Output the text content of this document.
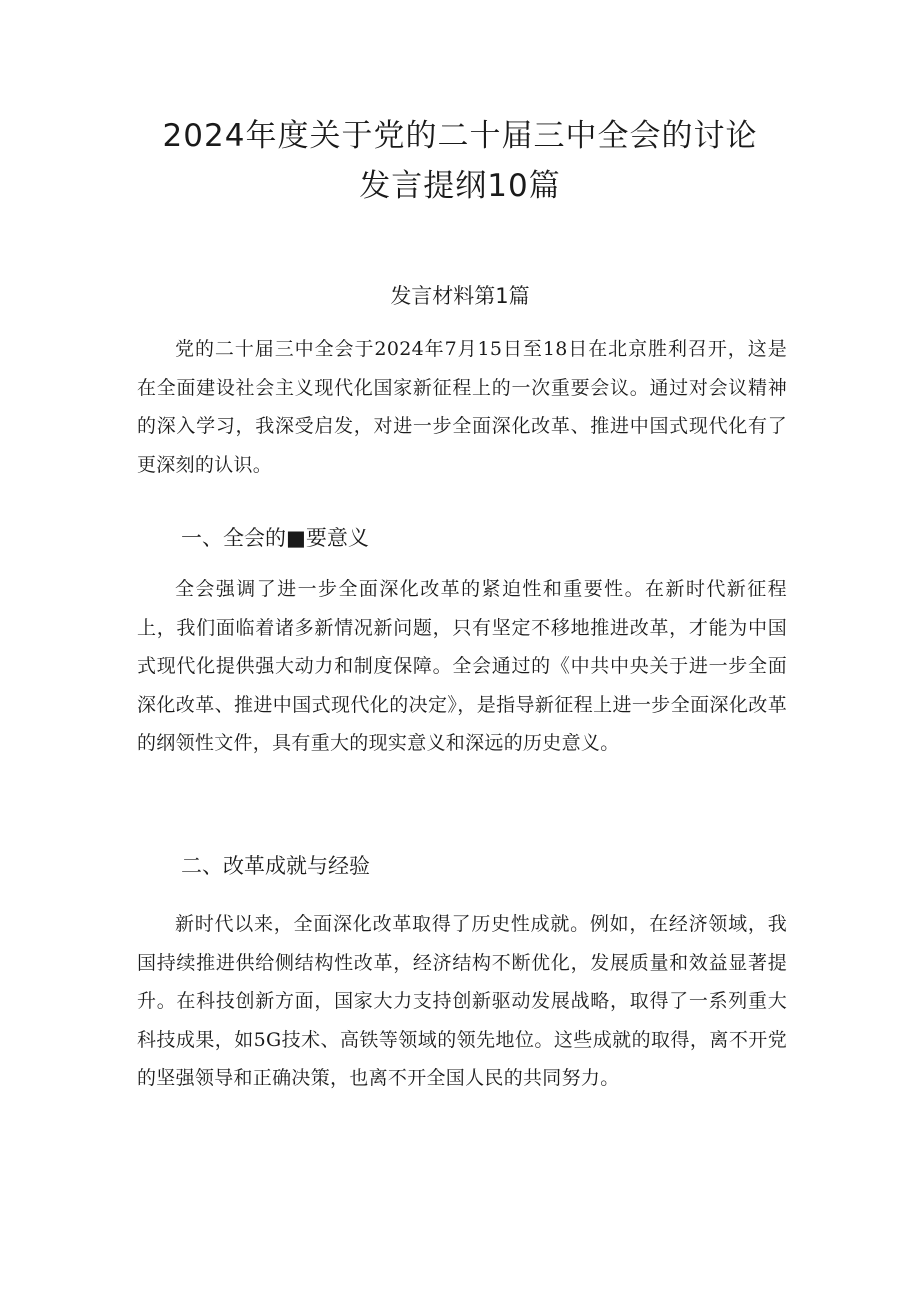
2024年度关于党的二十届三中全会的讨论
发言提纲10篇
发言材料第1篇

党的二十届三中全会于2024年7月15日至18日在北京胜利召开，这是在全面建设社会主义现代化国家新征程上的一次重要会议。通过对会议精神的深入学习，我深受启发，对进一步全面深化改革、推进中国式现代化有了更深刻的认识。

一、全会的■要意义

全会强调了进一步全面深化改革的紧迫性和重要性。在新时代新征程上，我们面临着诸多新情况新问题，只有坚定不移地推进改革，才能为中国式现代化提供强大动力和制度保障。全会通过的《中共中央关于进一步全面深化改革、推进中国式现代化的决定》，是指导新征程上进一步全面深化改革的纲领性文件，具有重大的现实意义和深远的历史意义。

二、改革成就与经验

新时代以来，全面深化改革取得了历史性成就。例如，在经济领域，我国持续推进供给侧结构性改革，经济结构不断优化，发展质量和效益显著提升。在科技创新方面，国家大力支持创新驱动发展战略，取得了一系列重大科技成果，如5G技术、高铁等领域的领先地位。这些成就的取得，离不开党的坚强领导和正确决策，也离不开全国人民的共同努力。
